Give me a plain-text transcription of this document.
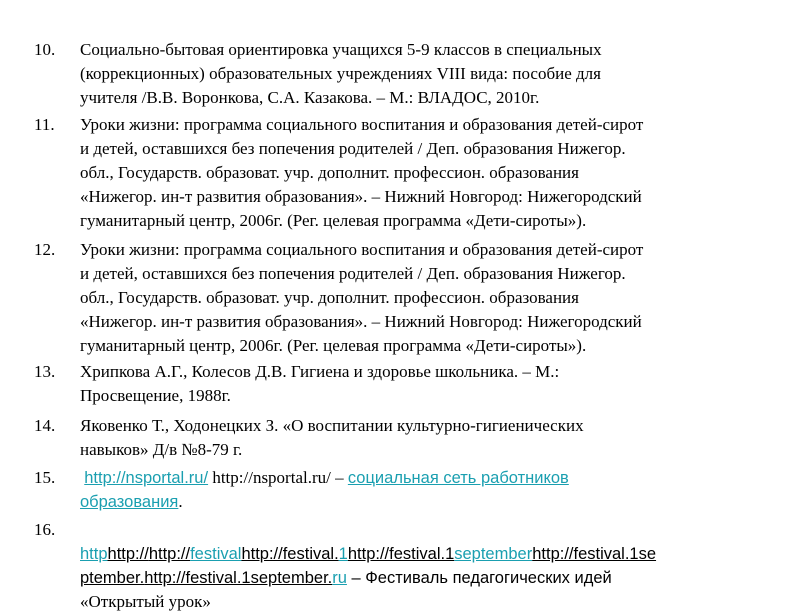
10. Социально-бытовая ориентировка учащихся 5-9 классов в специальных
(коррекционных) образовательных учреждениях VIII вида: пособие для
учителя /В.В. Воронкова, С.А. Казакова. – М.: ВЛАДОС, 2010г.
11. Уроки жизни: программа социального воспитания и образования детей-сирот
и детей, оставшихся без попечения родителей / Деп. образования Нижегор.
обл., Государств. образоват. учр. дополнит. профессион. образования
«Нижегор. ин-т развития образования». – Нижний Новгород: Нижегородский
гуманитарный центр, 2006г. (Рег. целевая программа «Дети-сироты»).
12. Уроки жизни: программа социального воспитания и образования детей-сирот
и детей, оставшихся без попечения родителей / Деп. образования Нижегор.
обл., Государств. образоват. учр. дополнит. профессион. образования
«Нижегор. ин-т развития образования». – Нижний Новгород: Нижегородский
гуманитарный центр, 2006г. (Рег. целевая программа «Дети-сироты»).
13. Хрипкова А.Г., Колесов Д.В. Гигиена и здоровье школьника. – М.:
Просвещение, 1988г.
14. Яковенко Т., Ходонецких З. «О воспитании культурно-гигиенических
навыков» Д/в №8-79 г.
15. http://nsportal.ru/ http://nsportal.ru/ – социальная сеть работников
образования.
16.
httphttp://http://festivalhttp://festival.1http://festival.1septemberhttp://festival.1se
ptember.http://festival.1september.ru – Фестиваль педагогических идей
«Открытый урок»
